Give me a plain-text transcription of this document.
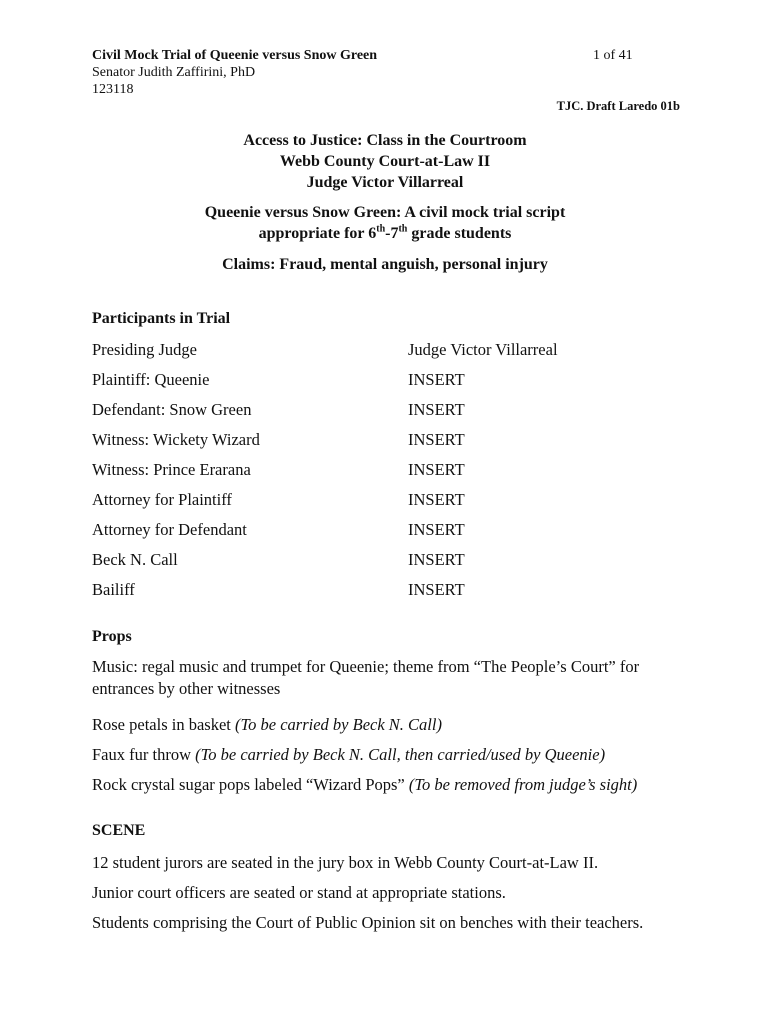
Civil Mock Trial of Queenie versus Snow Green	1 of 41
Senator Judith Zaffirini, PhD
123118
TJC. Draft Laredo 01b
Access to Justice: Class in the Courtroom
Webb County Court-at-Law II
Judge Victor Villarreal
Queenie versus Snow Green: A civil mock trial script
appropriate for 6th-7th grade students
Claims: Fraud, mental anguish, personal injury
Participants in Trial
Presiding Judge	Judge Victor Villarreal
Plaintiff: Queenie	INSERT
Defendant: Snow Green	INSERT
Witness: Wickety Wizard	INSERT
Witness: Prince Erarana	INSERT
Attorney for Plaintiff	INSERT
Attorney for Defendant	INSERT
Beck N. Call	INSERT
Bailiff	INSERT
Props
Music: regal music and trumpet for Queenie; theme from “The People’s Court” for
entrances by other witnesses
Rose petals in basket (To be carried by Beck N. Call)
Faux fur throw (To be carried by Beck N. Call, then carried/used by Queenie)
Rock crystal sugar pops labeled “Wizard Pops” (To be removed from judge’s sight)
SCENE
12 student jurors are seated in the jury box in Webb County Court-at-Law II.
Junior court officers are seated or stand at appropriate stations.
Students comprising the Court of Public Opinion sit on benches with their teachers.
